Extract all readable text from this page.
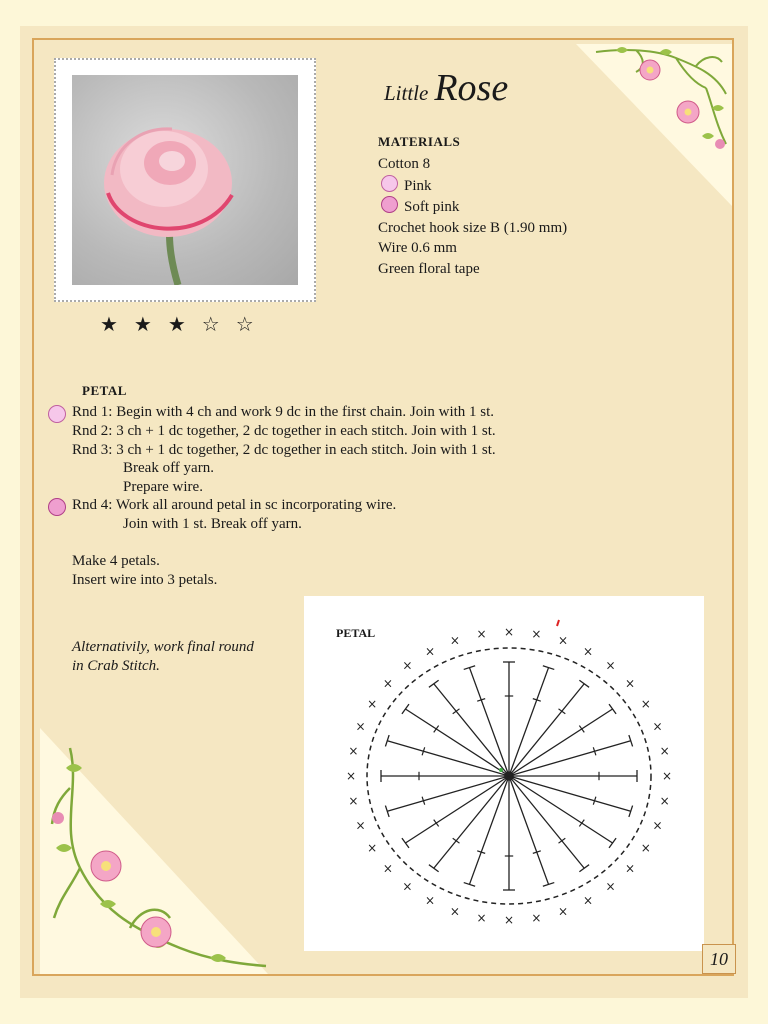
★★★☆☆
Little Rose
MATERIALS
Cotton 8
Pink
Soft pink
Crochet hook size B (1.90 mm)
Wire 0.6 mm
Green floral tape
PETAL
Rnd 1: Begin with 4 ch and work 9 dc in the first chain. Join with 1 st.
Rnd 2: 3 ch + 1 dc together, 2 dc together in each stitch. Join with 1 st.
Rnd 3: 3 ch + 1 dc together, 2 dc together in each stitch. Join with 1 st.
Break off yarn.
Prepare wire.
Rnd 4: Work all around petal in sc incorporating wire.
Join with 1 st. Break off yarn.
Make 4 petals.
Insert wire into 3 petals.
Alternativily, work final round
in Crab Stitch.
×
×
×
×
×
×
×
×
×
×
×
×
×
×
×
×
×
×
×
×
×
×
×
×
×
× × × × ×
×
×
×
×
×
×
PETAL
10
